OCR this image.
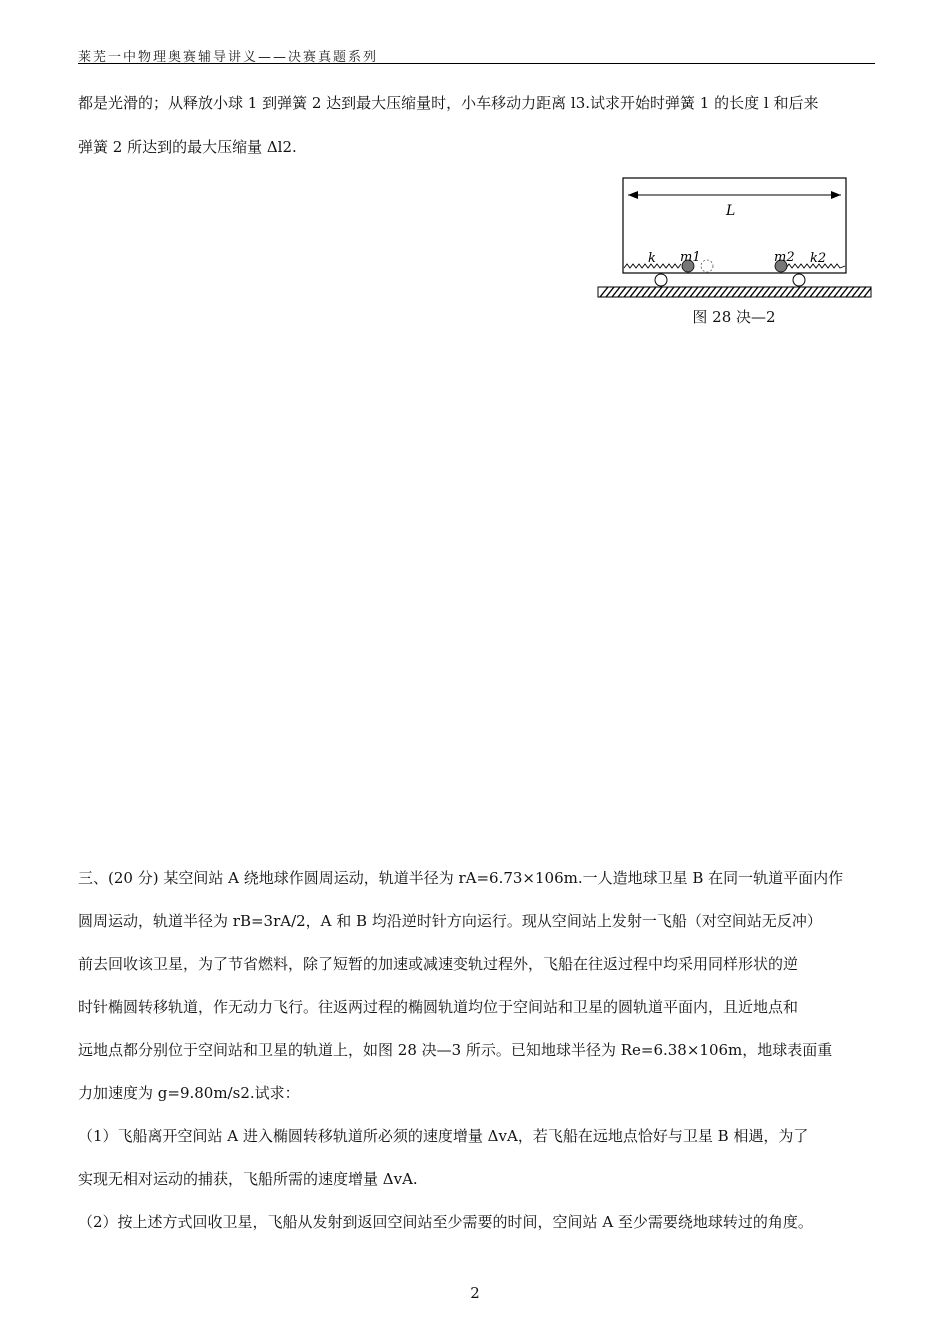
莱芜一中物理奥赛辅导讲义——决赛真题系列
都是光滑的；从释放小球 1 到弹簧 2 达到最大压缩量时，小车移动力距离 l3.试求开始时弹簧 1 的长度 l 和后来
弹簧 2 所达到的最大压缩量 Δl2.
L
k m1	m2 k2
图 28 决—2
三、(20 分) 某空间站 A 绕地球作圆周运动，轨道半径为 rA=6.73×106m.一人造地球卫星 B 在同一轨道平面内作
圆周运动，轨道半径为 rB=3rA/2，A 和 B 均沿逆时针方向运行。现从空间站上发射一飞船（对空间站无反冲）
前去回收该卫星，为了节省燃料，除了短暂的加速或减速变轨过程外，飞船在往返过程中均采用同样形状的逆
时针椭圆转移轨道，作无动力飞行。往返两过程的椭圆轨道均位于空间站和卫星的圆轨道平面内，且近地点和
远地点都分别位于空间站和卫星的轨道上，如图 28 决—3 所示。已知地球半径为 Re=6.38×106m，地球表面重
力加速度为 g=9.80m/s2.试求：
（1）飞船离开空间站 A 进入椭圆转移轨道所必须的速度增量 ΔvA，若飞船在远地点恰好与卫星 B 相遇，为了
实现无相对运动的捕获，飞船所需的速度增量 ΔvA.
（2）按上述方式回收卫星，飞船从发射到返回空间站至少需要的时间，空间站 A 至少需要绕地球转过的角度。
2
